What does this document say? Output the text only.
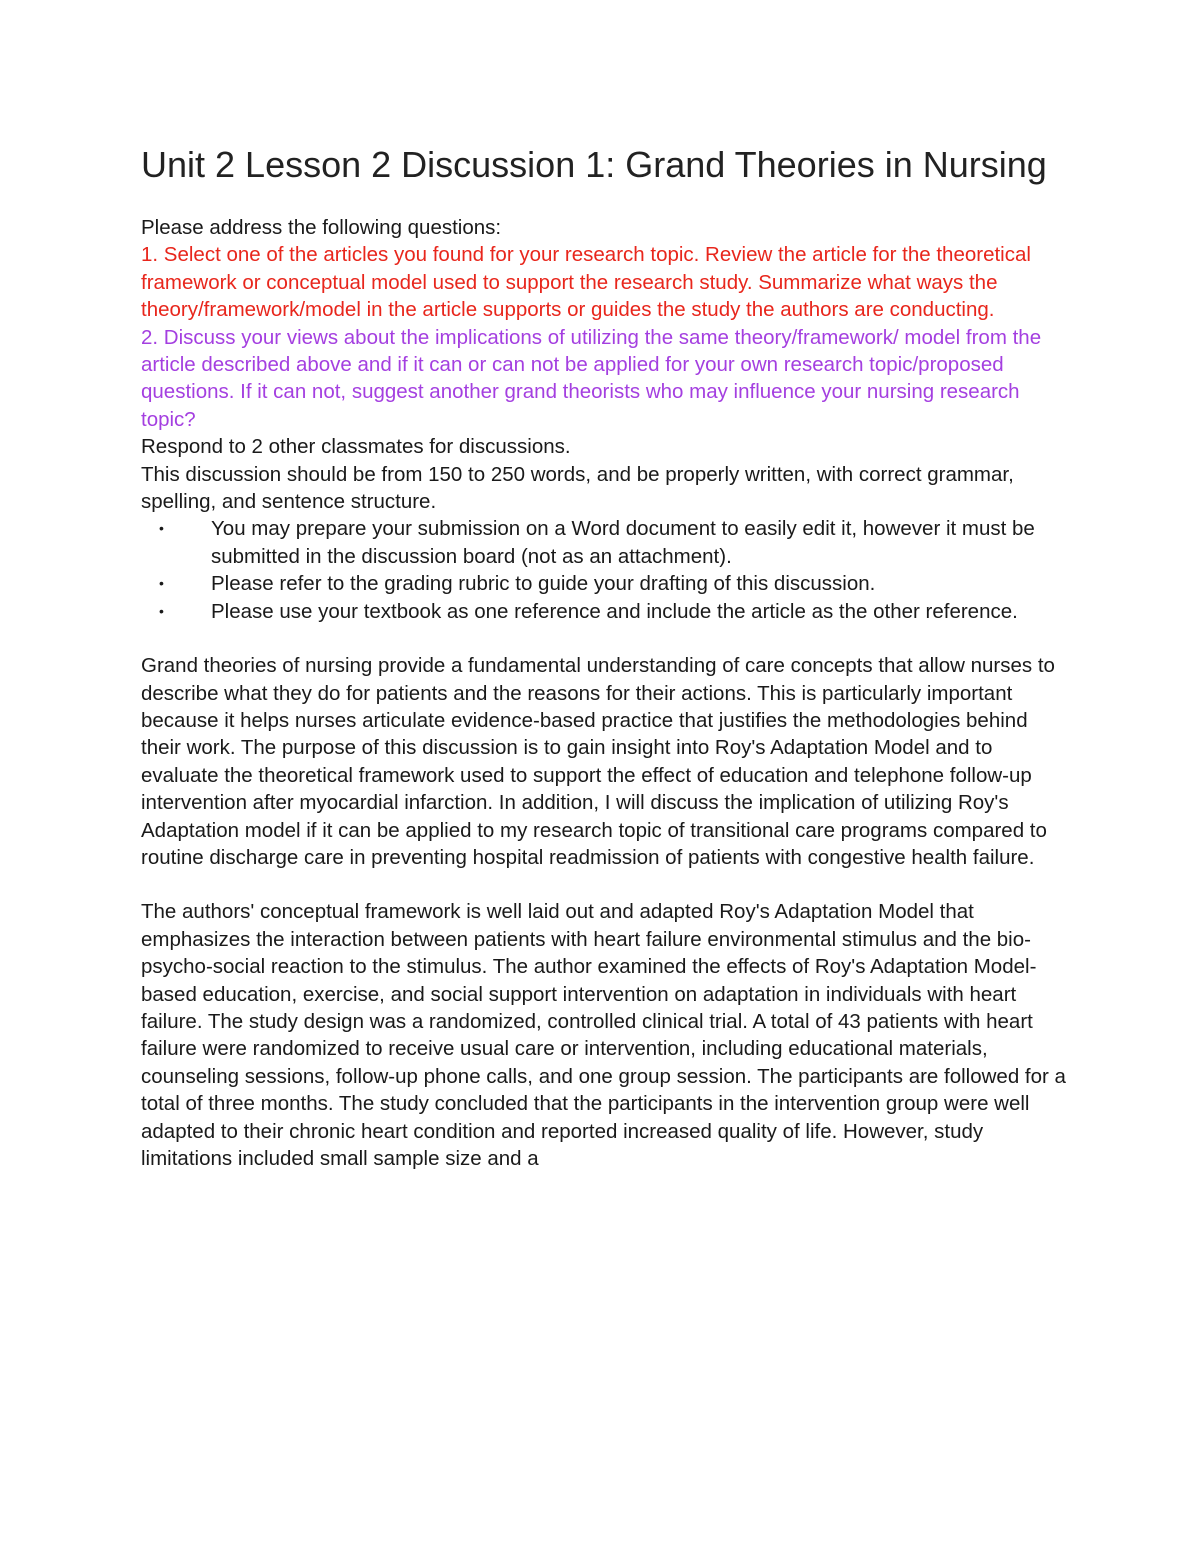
Unit 2 Lesson 2 Discussion 1: Grand Theories in Nursing

Please address the following questions:

1. Select one of the articles you found for your research topic. Review the article for the theoretical framework or conceptual model used to support the research study. Summarize what ways the theory/framework/model in the article supports or guides the study the authors are conducting.

2. Discuss your views about the implications of utilizing the same theory/framework/ model from the article described above and if it can or can not be applied for your own research topic/proposed questions. If it can not, suggest another grand theorists who may influence your nursing research topic?

Respond to 2 other classmates for discussions.

This discussion should be from 150 to 250 words, and be properly written, with correct grammar, spelling, and sentence structure.

• You may prepare your submission on a Word document to easily edit it, however it must be submitted in the discussion board (not as an attachment).
• Please refer to the grading rubric to guide your drafting of this discussion.
• Please use your textbook as one reference and include the article as the other reference.

Grand theories of nursing provide a fundamental understanding of care concepts that allow nurses to describe what they do for patients and the reasons for their actions. This is particularly important because it helps nurses articulate evidence-based practice that justifies the methodologies behind their work. The purpose of this discussion is to gain insight into Roy's Adaptation Model and to evaluate the theoretical framework used to support the effect of education and telephone follow-up intervention after myocardial infarction. In addition, I will discuss the implication of utilizing Roy's Adaptation model if it can be applied to my research topic of transitional care programs compared to routine discharge care in preventing hospital readmission of patients with congestive health failure.

The authors' conceptual framework is well laid out and adapted Roy's Adaptation Model that emphasizes the interaction between patients with heart failure environmental stimulus and the bio-psycho-social reaction to the stimulus. The author examined the effects of Roy's Adaptation Model-based education, exercise, and social support intervention on adaptation in individuals with heart failure. The study design was a randomized, controlled clinical trial. A total of 43 patients with heart failure were randomized to receive usual care or intervention, including educational materials, counseling sessions, follow-up phone calls, and one group session. The participants are followed for a total of three months. The study concluded that the participants in the intervention group were well adapted to their chronic heart condition and reported increased quality of life. However, study limitations included small sample size and a
